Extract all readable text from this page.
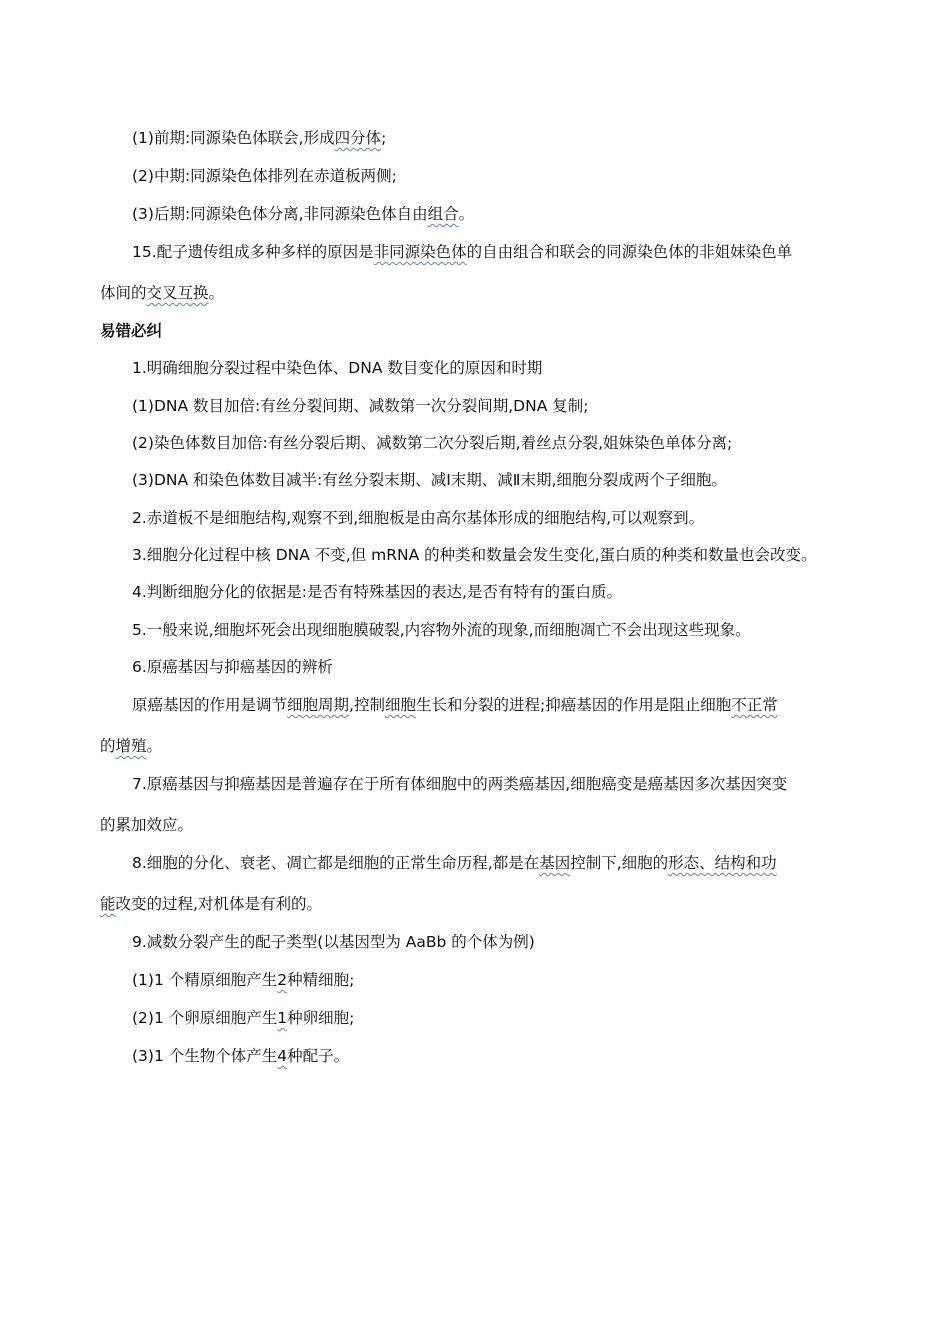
(1)前期:同源染色体联会,形成四分体;
(2)中期:同源染色体排列在赤道板两侧;
(3)后期:同源染色体分离,非同源染色体自由组合。
15.配子遗传组成多种多样的原因是非同源染色体的自由组合和联会的同源染色体的非姐妹染色单
体间的交叉互换。
易错必纠
1.明确细胞分裂过程中染色体、DNA 数目变化的原因和时期
(1)DNA 数目加倍:有丝分裂间期、减数第一次分裂间期,DNA 复制;
(2)染色体数目加倍:有丝分裂后期、减数第二次分裂后期,着丝点分裂,姐妹染色单体分离;
(3)DNA 和染色体数目减半:有丝分裂末期、减Ⅰ末期、减Ⅱ末期,细胞分裂成两个子细胞。
2.赤道板不是细胞结构,观察不到,细胞板是由高尔基体形成的细胞结构,可以观察到。
3.细胞分化过程中核 DNA 不变,但 mRNA 的种类和数量会发生变化,蛋白质的种类和数量也会改变。
4.判断细胞分化的依据是:是否有特殊基因的表达,是否有特有的蛋白质。
5.一般来说,细胞坏死会出现细胞膜破裂,内容物外流的现象,而细胞凋亡不会出现这些现象。
6.原癌基因与抑癌基因的辨析
原癌基因的作用是调节细胞周期,控制细胞生长和分裂的进程;抑癌基因的作用是阻止细胞不正常
的增殖。
7.原癌基因与抑癌基因是普遍存在于所有体细胞中的两类癌基因,细胞癌变是癌基因多次基因突变
的累加效应。
8.细胞的分化、衰老、凋亡都是细胞的正常生命历程,都是在基因控制下,细胞的形态、结构和功
能改变的过程,对机体是有利的。
9.减数分裂产生的配子类型(以基因型为 AaBb 的个体为例)
(1)1 个精原细胞产生2种精细胞;
(2)1 个卵原细胞产生1种卵细胞;
(3)1 个生物个体产生4种配子。
